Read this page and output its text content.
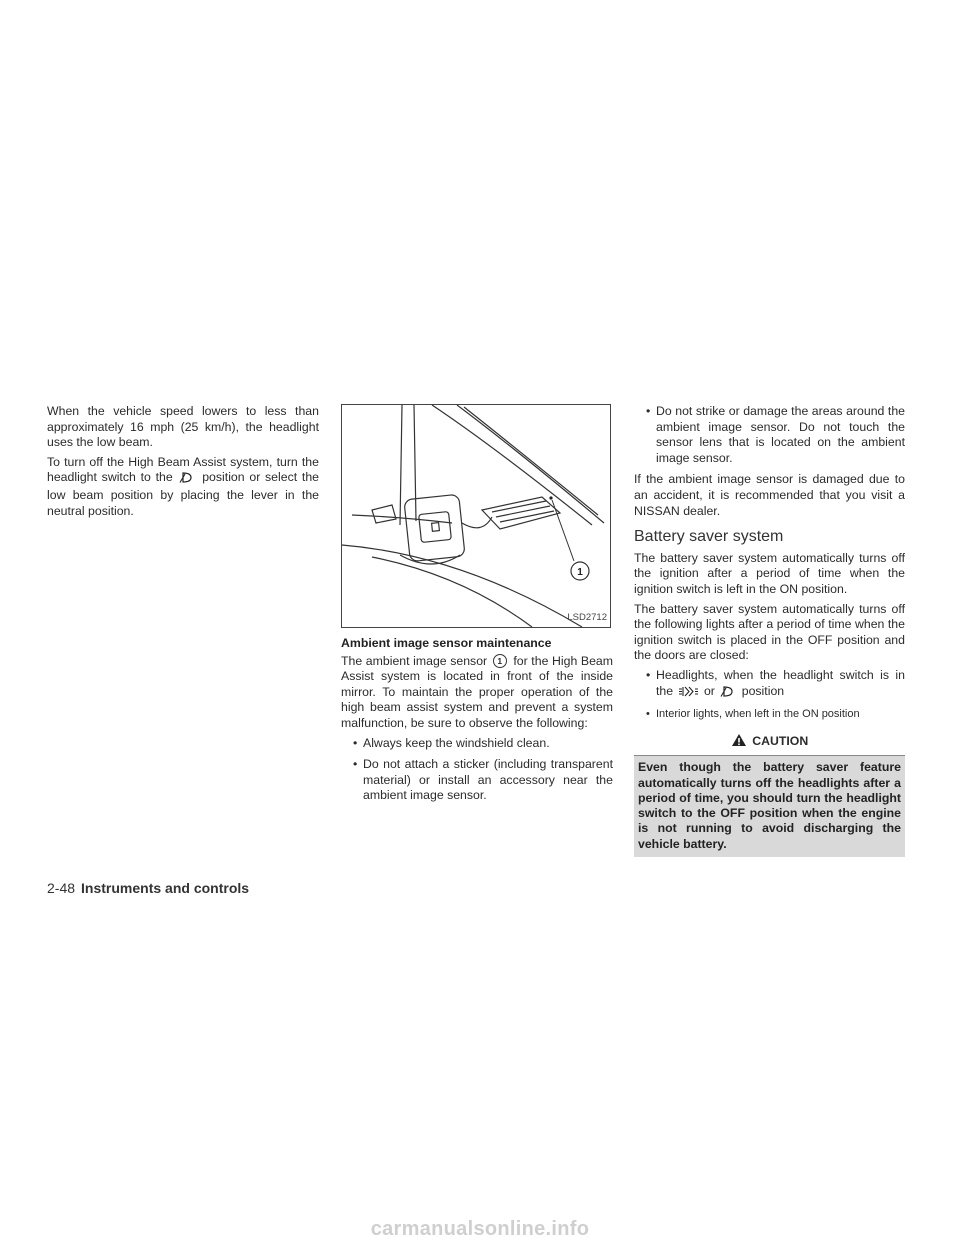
When the vehicle speed lowers to less than approximately 16 mph (25 km/h), the headlight uses the low beam.

To turn off the High Beam Assist system, turn the headlight switch to the position or select the low beam position by placing the lever in the neutral position.

1
LSD2712
Ambient image sensor maintenance

The ambient image sensor 1 for the High Beam Assist system is located in front of the inside mirror. To maintain the proper operation of the high beam assist system and prevent a system malfunction, be sure to observe the following:

• Always keep the windshield clean.
• Do not attach a sticker (including transparent material) or install an accessory near the ambient image sensor.
• Do not strike or damage the areas around the ambient image sensor. Do not touch the sensor lens that is located on the ambient image sensor.

If the ambient image sensor is damaged due to an accident, it is recommended that you visit a NISSAN dealer.

Battery saver system

The battery saver system automatically turns off the ignition after a period of time when the ignition switch is left in the ON position.

The battery saver system automatically turns off the following lights after a period of time when the ignition switch is placed in the OFF position and the doors are closed:

• Headlights, when the headlight switch is in the	or position
• Interior lights, when left in the ON position
CAUTION
Even though the battery saver feature automatically turns off the headlights after a period of time, you should turn the headlight switch to the OFF position when the engine is not running to avoid discharging the vehicle battery.
2-48 Instruments and controls
carmanualsonline.info
